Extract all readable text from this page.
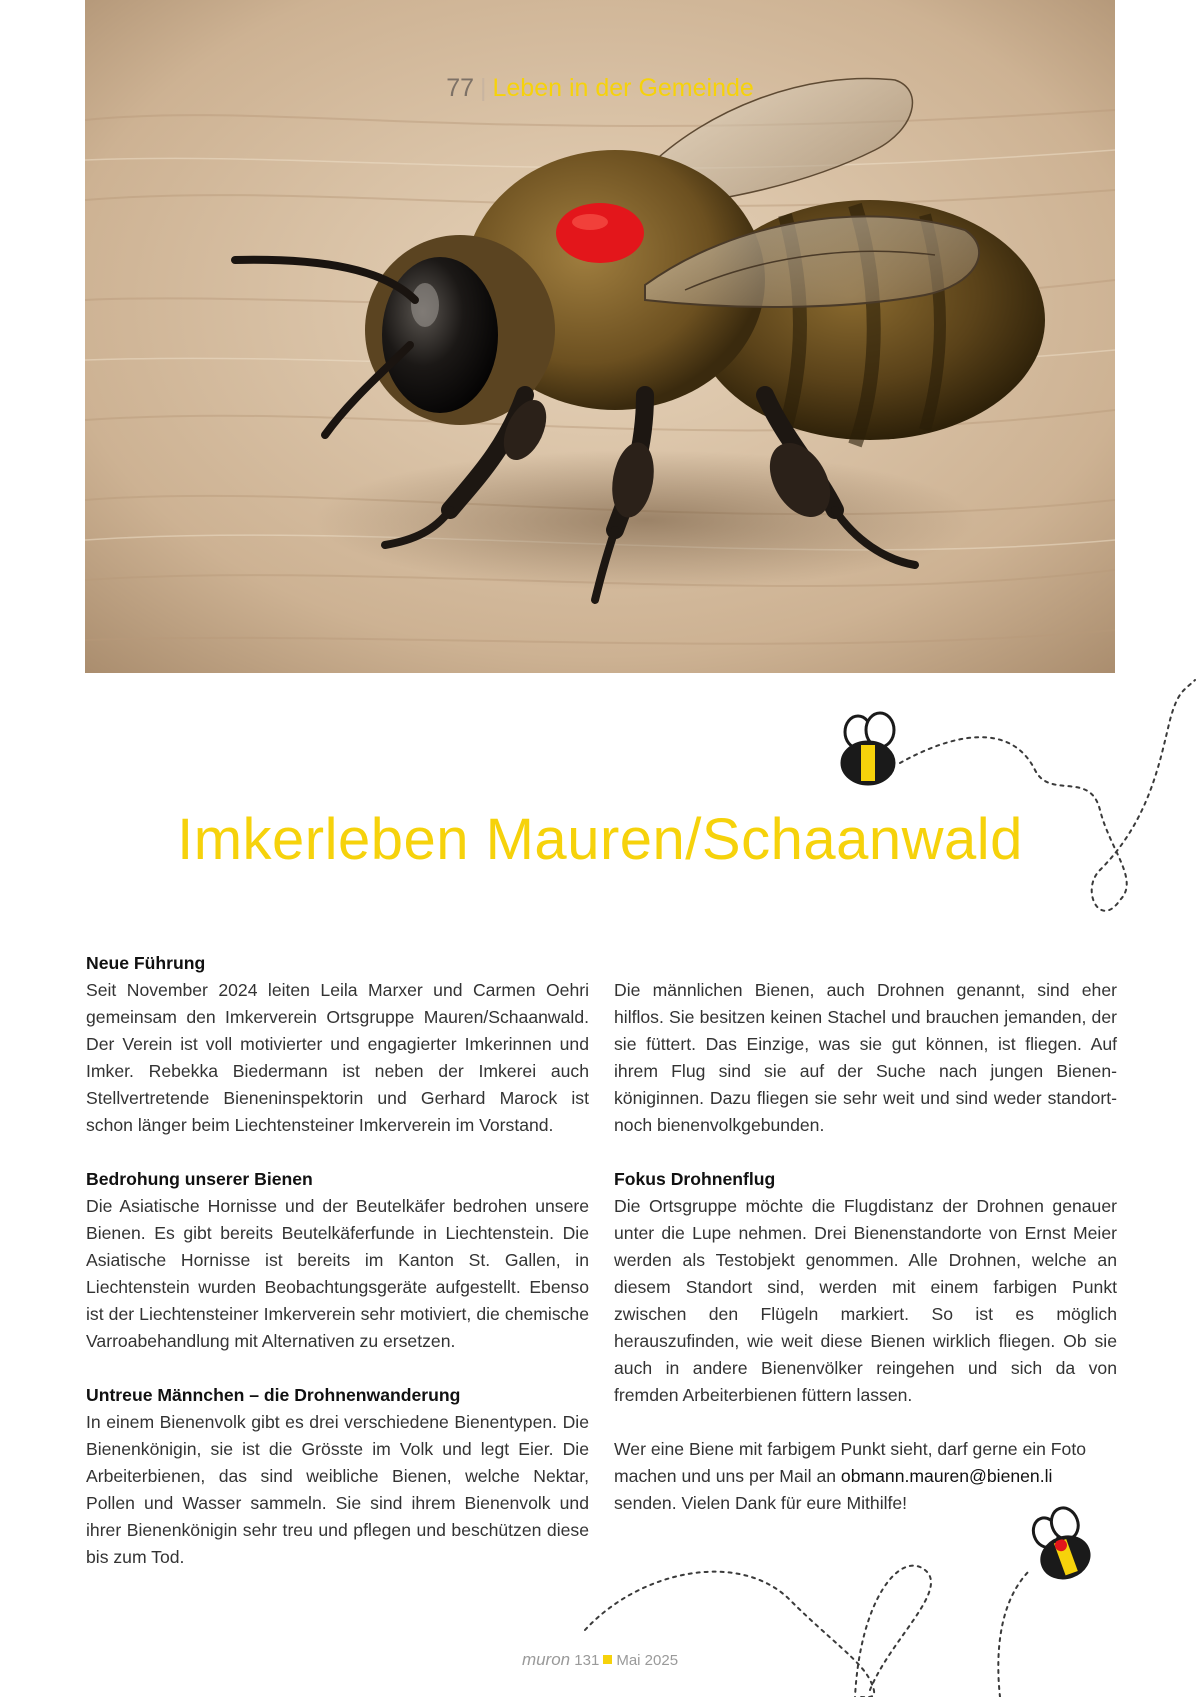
77 | Leben in der Gemeinde
Imkerleben Mauren/Schaanwald
Neue Führung

Seit November 2024 leiten Leila Marxer und Carmen Oehri gemeinsam den Imkerverein Ortsgruppe Mauren/Schaanwald. Der Verein ist voll motivierter und engagierter Imkerinnen und Imker. Rebekka Biedermann ist neben der Imkerei auch Stellvertretende Bieneninspektorin und Gerhard Marock ist schon länger beim Liechtensteiner Imkerverein im Vorstand.

Bedrohung unserer Bienen

Die Asiatische Hornisse und der Beutelkäfer bedrohen unsere Bienen. Es gibt bereits Beutelkäferfunde in Liechtenstein. Die Asiatische Hornisse ist bereits im Kanton St. Gallen, in Liechtenstein wurden Beobachtungsgeräte aufgestellt. Ebenso ist der Liechtensteiner Imkerverein sehr motiviert, die chemische Varroabehandlung mit Alternativen zu ersetzen.

Untreue Männchen – die Drohnenwanderung

In einem Bienenvolk gibt es drei verschiedene Bienentypen. Die Bienenkönigin, sie ist die Grösste im Volk und legt Eier. Die Arbeiterbienen, das sind weibliche Bienen, welche Nektar, Pollen und Wasser sammeln. Sie sind ihrem Bienenvolk und ihrer Bienenkönigin sehr treu und pflegen und beschützen diese bis zum Tod.

Die männlichen Bienen, auch Drohnen genannt, sind eher hilflos. Sie besitzen keinen Stachel und brauchen jemanden, der sie füttert. Das Einzige, was sie gut können, ist fliegen. Auf ihrem Flug sind sie auf der Suche nach jungen Bienenköniginnen. Dazu fliegen sie sehr weit und sind weder standort- noch bienenvolkgebunden.

Fokus Drohnenflug

Die Ortsgruppe möchte die Flugdistanz der Drohnen genauer unter die Lupe nehmen. Drei Bienenstandorte von Ernst Meier werden als Testobjekt genommen. Alle Drohnen, welche an diesem Standort sind, werden mit einem farbigen Punkt zwischen den Flügeln markiert. So ist es möglich herauszufinden, wie weit diese Bienen wirklich fliegen. Ob sie auch in andere Bienenvölker reingehen und sich da von fremden Arbeiterbienen füttern lassen.

Wer eine Biene mit farbigem Punkt sieht, darf gerne ein Foto machen und uns per Mail an obmann.mauren@bienen.li senden. Vielen Dank für eure Mithilfe!

muron 131 Mai 2025
